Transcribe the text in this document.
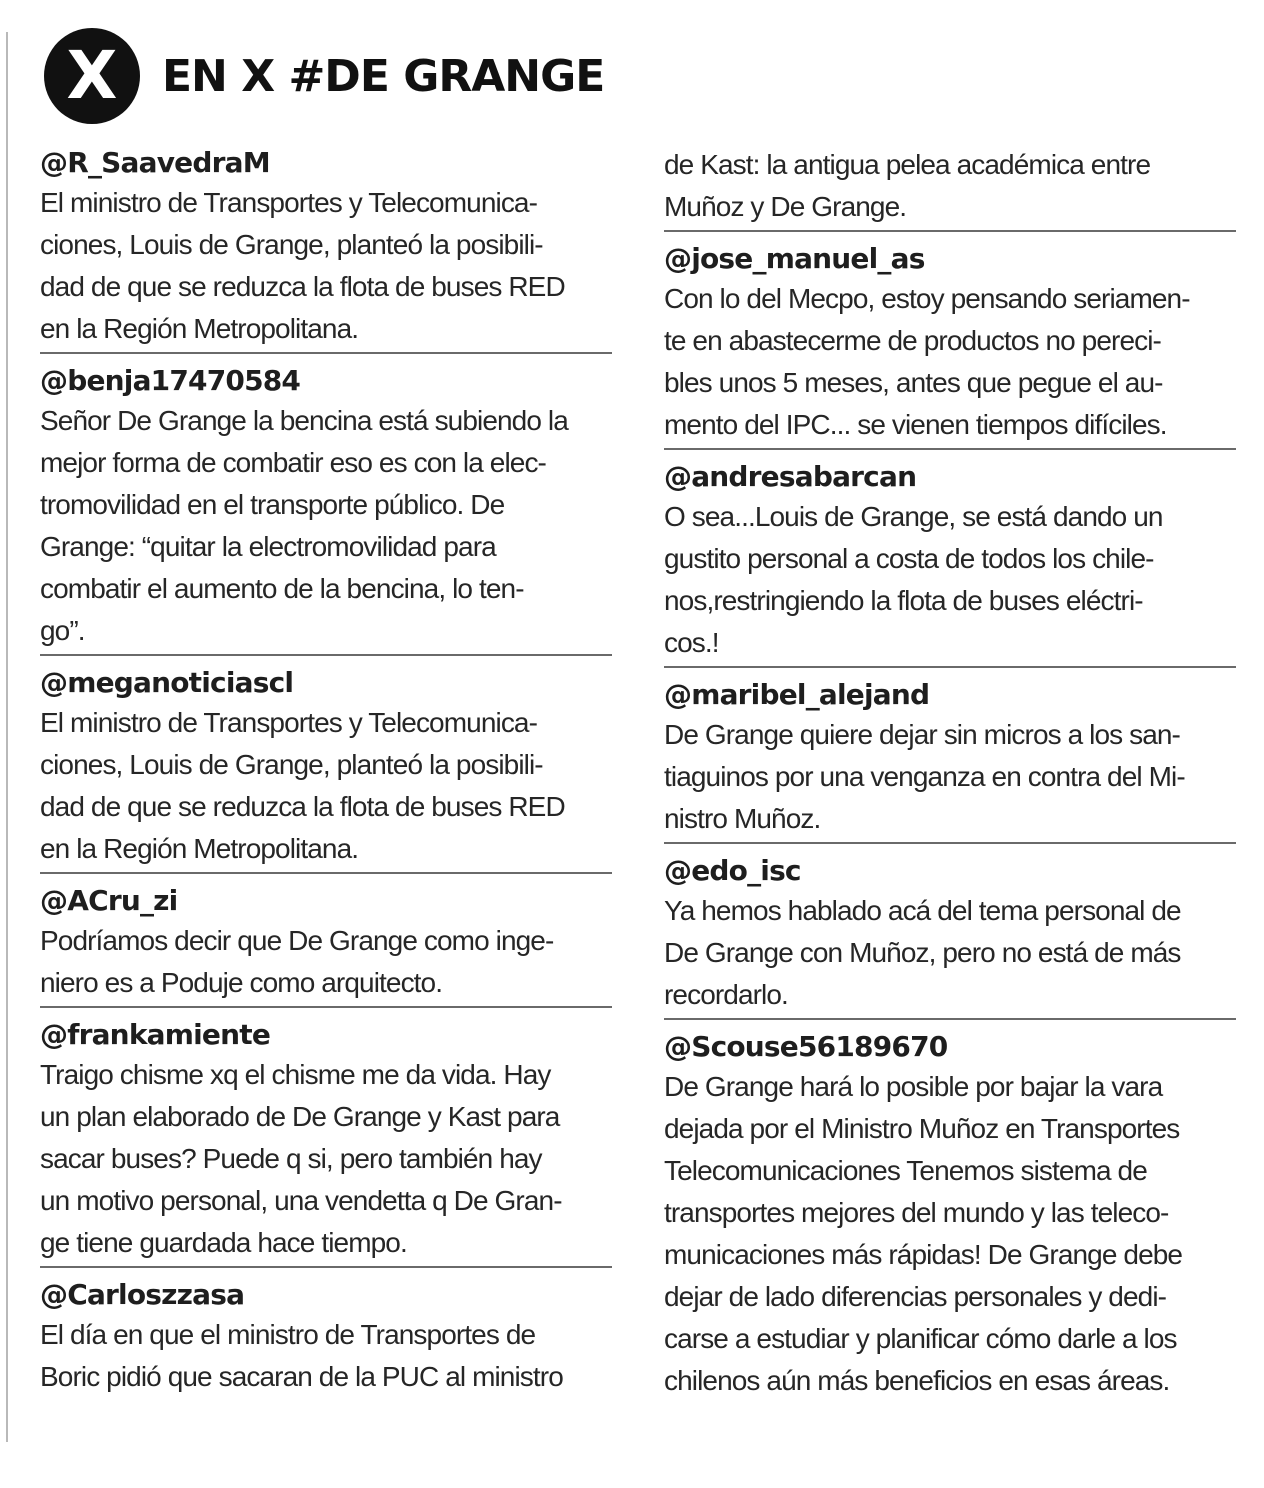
X EN X #DE GRANGE
@R_SaavedraM
El ministro de Transportes y Telecomunica-
ciones, Louis de Grange, planteó la posibili-
dad de que se reduzca la flota de buses RED
en la Región Metropolitana.
@benja17470584
Señor De Grange la bencina está subiendo la
mejor forma de combatir eso es con la elec-
tromovilidad en el transporte público. De
Grange: “quitar la electromovilidad para
combatir el aumento de la bencina, lo ten-
go”.
@meganoticiascl
El ministro de Transportes y Telecomunica-
ciones, Louis de Grange, planteó la posibili-
dad de que se reduzca la flota de buses RED
en la Región Metropolitana.
@ACru_zi
Podríamos decir que De Grange como inge-
niero es a Poduje como arquitecto.
@frankamiente
Traigo chisme xq el chisme me da vida. Hay
un plan elaborado de De Grange y Kast para
sacar buses? Puede q si, pero también hay
un motivo personal, una vendetta q De Gran-
ge tiene guardada hace tiempo.
@Carloszzasa
El día en que el ministro de Transportes de
Boric pidió que sacaran de la PUC al ministro
de Kast: la antigua pelea académica entre
Muñoz y De Grange.
@jose_manuel_as
Con lo del Mecpo, estoy pensando seriamen-
te en abastecerme de productos no pereci-
bles unos 5 meses, antes que pegue el au-
mento del IPC... se vienen tiempos difíciles.
@andresabarcan
O sea...Louis de Grange, se está dando un
gustito personal a costa de todos los chile-
nos,restringiendo la flota de buses eléctri-
cos.!
@maribel_alejand
De Grange quiere dejar sin micros a los san-
tiaguinos por una venganza en contra del Mi-
nistro Muñoz.
@edo_isc
Ya hemos hablado acá del tema personal de
De Grange con Muñoz, pero no está de más
recordarlo.
@Scouse56189670
De Grange hará lo posible por bajar la vara
dejada por el Ministro Muñoz en Transportes
Telecomunicaciones Tenemos sistema de
transportes mejores del mundo y las teleco-
municaciones más rápidas! De Grange debe
dejar de lado diferencias personales y dedi-
carse a estudiar y planificar cómo darle a los
chilenos aún más beneficios en esas áreas.
